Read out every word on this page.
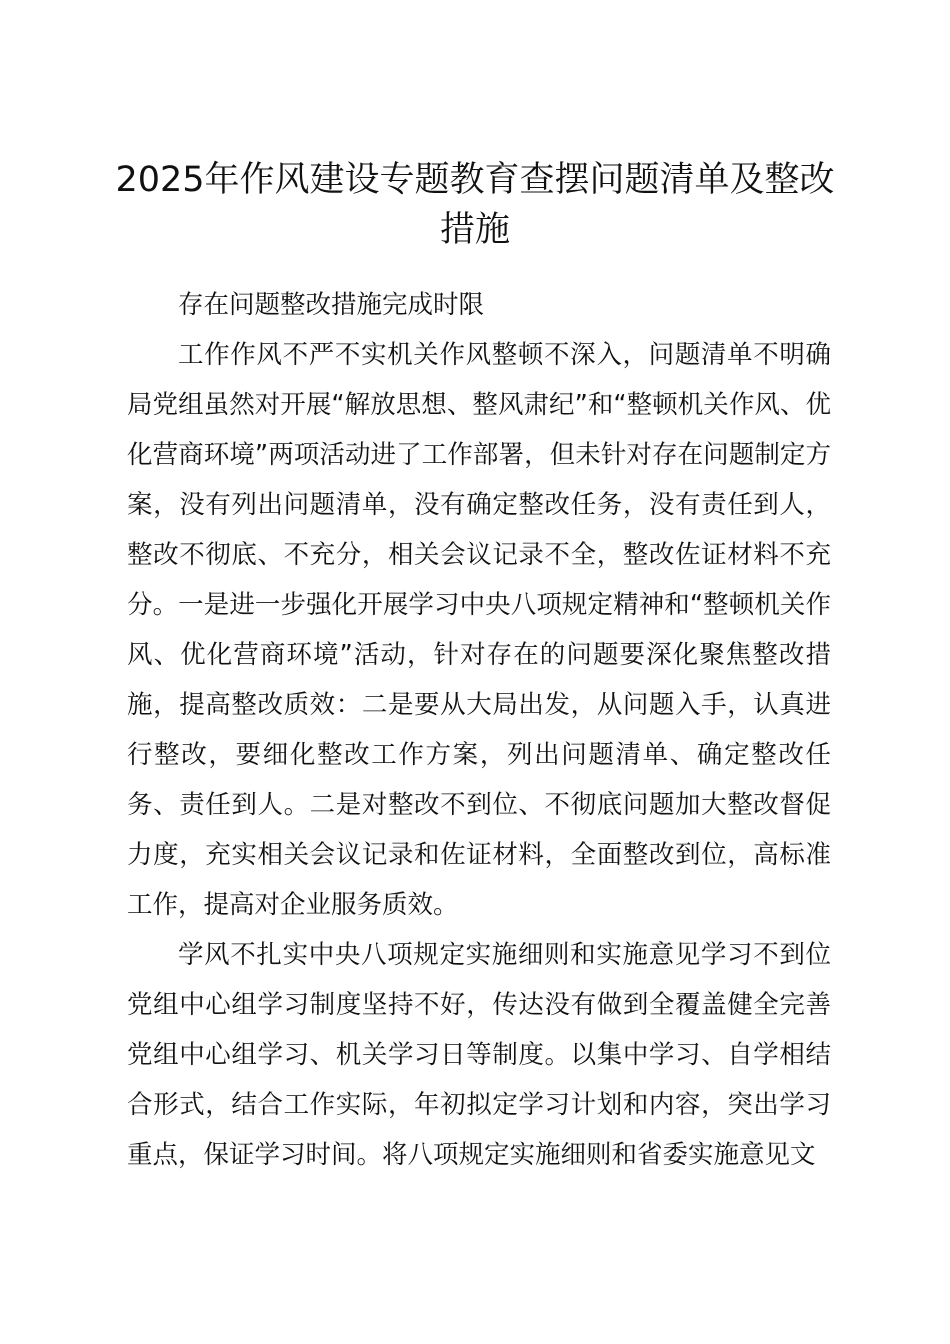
2025年作风建设专题教育查摆问题清单及整改措施

存在问题整改措施完成时限

工作作风不严不实机关作风整顿不深入，问题清单不明确局党组虽然对开展“解放思想、整风肃纪”和“整顿机关作风、优化营商环境”两项活动进了工作部署，但未针对存在问题制定方案，没有列出问题清单，没有确定整改任务，没有责任到人，整改不彻底、不充分，相关会议记录不全，整改佐证材料不充分。一是进一步强化开展学习中央八项规定精神和“整顿机关作风、优化营商环境”活动，针对存在的问题要深化聚焦整改措施，提高整改质效：二是要从大局出发，从问题入手，认真进行整改，要细化整改工作方案，列出问题清单、确定整改任务、责任到人。二是对整改不到位、不彻底问题加大整改督促力度，充实相关会议记录和佐证材料，全面整改到位，高标准工作，提高对企业服务质效。

学风不扎实中央八项规定实施细则和实施意见学习不到位党组中心组学习制度坚持不好，传达没有做到全覆盖健全完善党组中心组学习、机关学习日等制度。以集中学习、自学相结合形式，结合工作实际，年初拟定学习计划和内容，突出学习重点，保证学习时间。将八项规定实施细则和省委实施意见文
